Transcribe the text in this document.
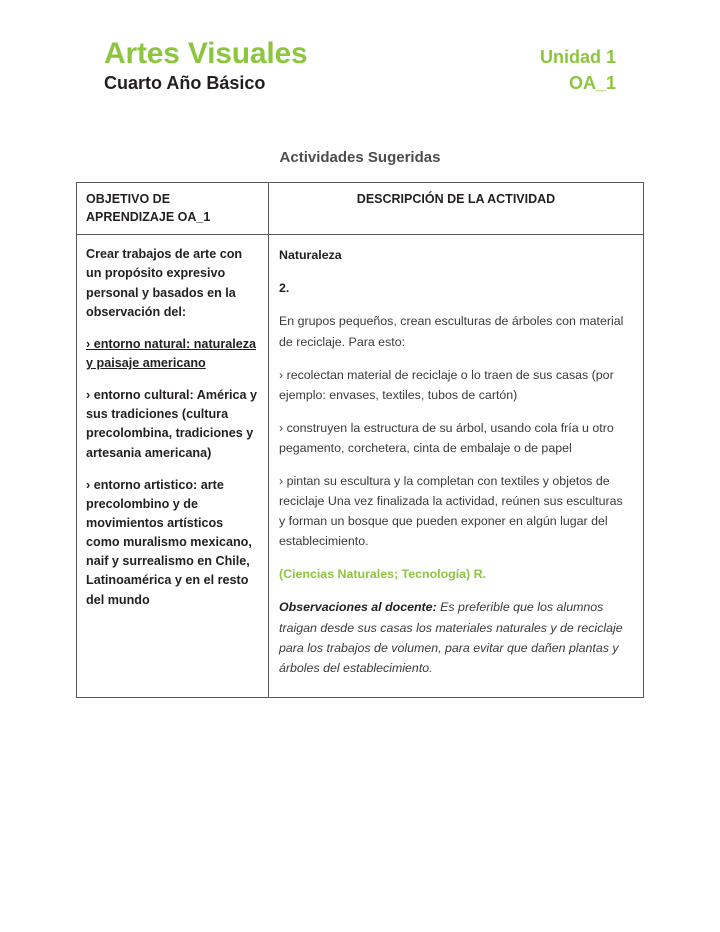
Artes Visuales	Unidad 1
Cuarto Año Básico	OA_1
Actividades Sugeridas
OBJETIVO DE APRENDIZAJE OA_1
DESCRIPCIÓN DE LA ACTIVIDAD

Crear trabajos de arte con un propósito expresivo personal y basados en la observación del:

› entorno natural: naturaleza y paisaje americano

› entorno cultural: América y sus tradiciones (cultura precolombina, tradiciones y artesania americana)

› entorno artistico: arte precolombino y de movimientos artísticos como muralismo mexicano, naif y surrealismo en Chile, Latinoamérica y en el resto del mundo

Naturaleza

2.

En grupos pequeños, crean esculturas de árboles con material de reciclaje. Para esto:

› recolectan material de reciclaje o lo traen de sus casas (por ejemplo: envases, textiles, tubos de cartón)

› construyen la estructura de su árbol, usando cola fría u otro pegamento, corchetera, cinta de embalaje o de papel

› pintan su escultura y la completan con textiles y objetos de reciclaje Una vez finalizada la actividad, reúnen sus esculturas y forman un bosque que pueden exponer en algún lugar del establecimiento.

(Ciencias Naturales; Tecnología) R.

Observaciones al docente: Es preferible que los alumnos traigan desde sus casas los materiales naturales y de reciclaje para los trabajos de volumen, para evitar que dañen plantas y árboles del establecimiento.
